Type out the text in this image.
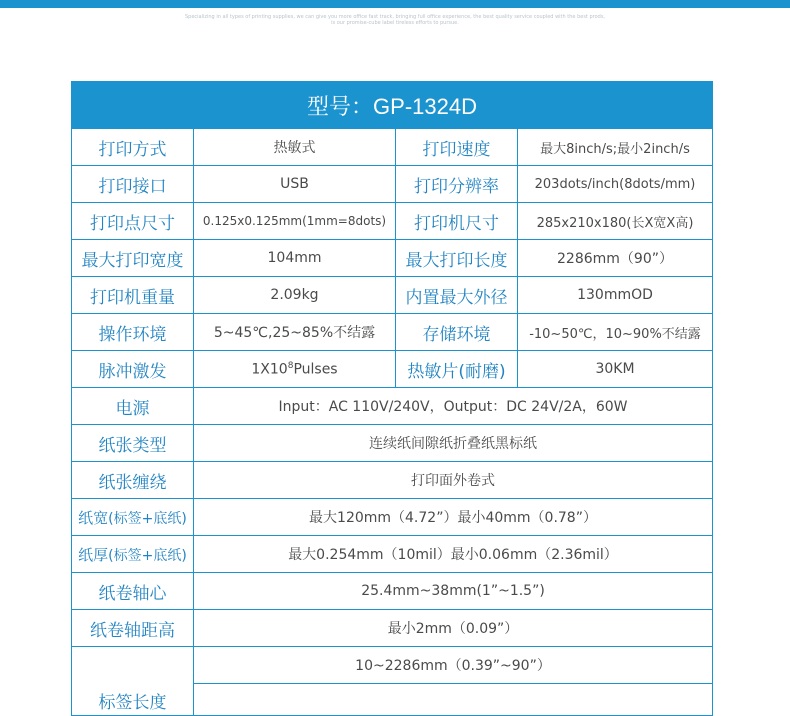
Specializing in all types of printing supplies, we can give you more office fast track, bringing full office experience, the best quality service coupled with the best prods,
is our promise-cube label tireless efforts to pursue.
型号：GP-1324D			
打印方式	热敏式	打印速度	最大8inch/s;最小2inch/s
打印接口	USB	打印分辨率	203dots/inch(8dots/mm)
打印点尺寸	0.125x0.125mm(1mm=8dots)	打印机尺寸	285x210x180(长X宽X高)
最大打印宽度	104mm	最大打印长度	2286mm（90”）
打印机重量	2.09kg	内置最大外径	130mmOD
操作环境	5~45℃,25~85%不结露	存储环境	-10~50℃，10~90%不结露
脉冲激发	$1X10^8Pulses$	热敏片(耐磨)	30KM
电源	Input：AC 110V/240V，Output：DC 24V/2A，60W		
纸张类型	连续纸间隙纸折叠纸黑标纸		
纸张缠绕	打印面外卷式		
纸宽(标签+底纸)	最大120mm（4.72”）最小40mm（0.78”）		
纸厚(标签+底纸)	最大0.254mm（10mil）最小0.06mm（2.36mil）		
纸卷轴心	25.4mm~38mm(1”~1.5”)		
纸卷轴距高	最小2mm（0.09”）		
标签长度	10~2286mm（0.39”~90”）		
